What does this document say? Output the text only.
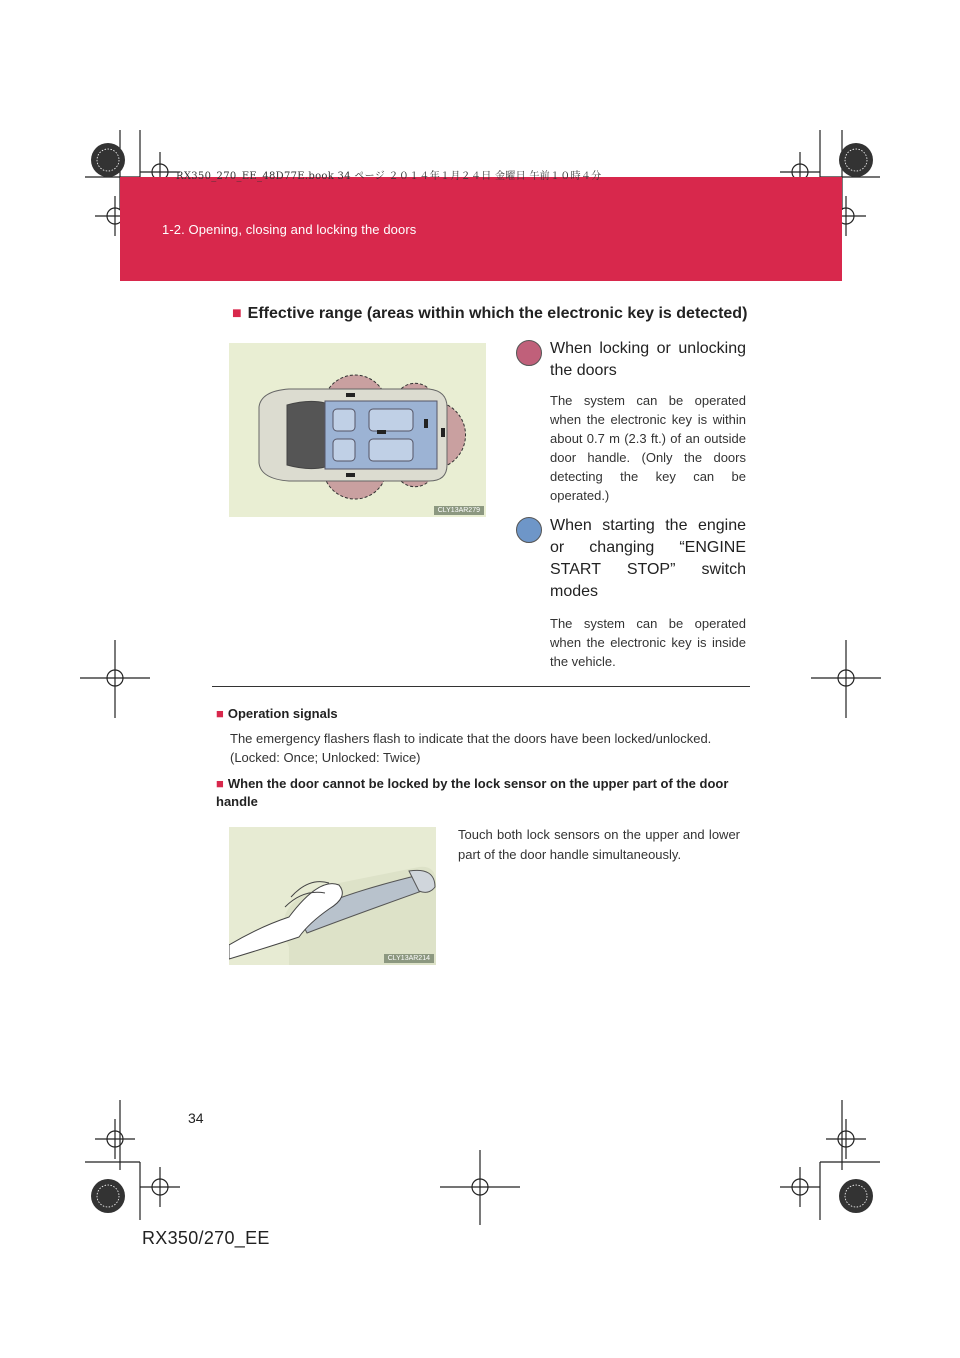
1-2. Opening, closing and locking the doors
RX350_270_EE_48D77E.book 34 ページ ２０１４年１月２４日 金曜日 午前１０時４分
■ Effective range (areas within which the electronic key is detected)
CLY13AR279
When locking or unlocking the doors
The system can be operated when the electronic key is within about 0.7 m (2.3 ft.) of an outside door handle. (Only the doors detecting the key can be operated.)
When starting the engine or changing “ENGINE START STOP” switch modes
The system can be operated when the electronic key is inside the vehicle.
■ Operation signals
The emergency flashers flash to indicate that the doors have been locked/unlocked. (Locked: Once; Unlocked: Twice)
■ When the door cannot be locked by the lock sensor on the upper part of the door handle
CLY13AR214
Touch both lock sensors on the upper and lower part of the door handle simultaneously.
34
RX350/270_EE
